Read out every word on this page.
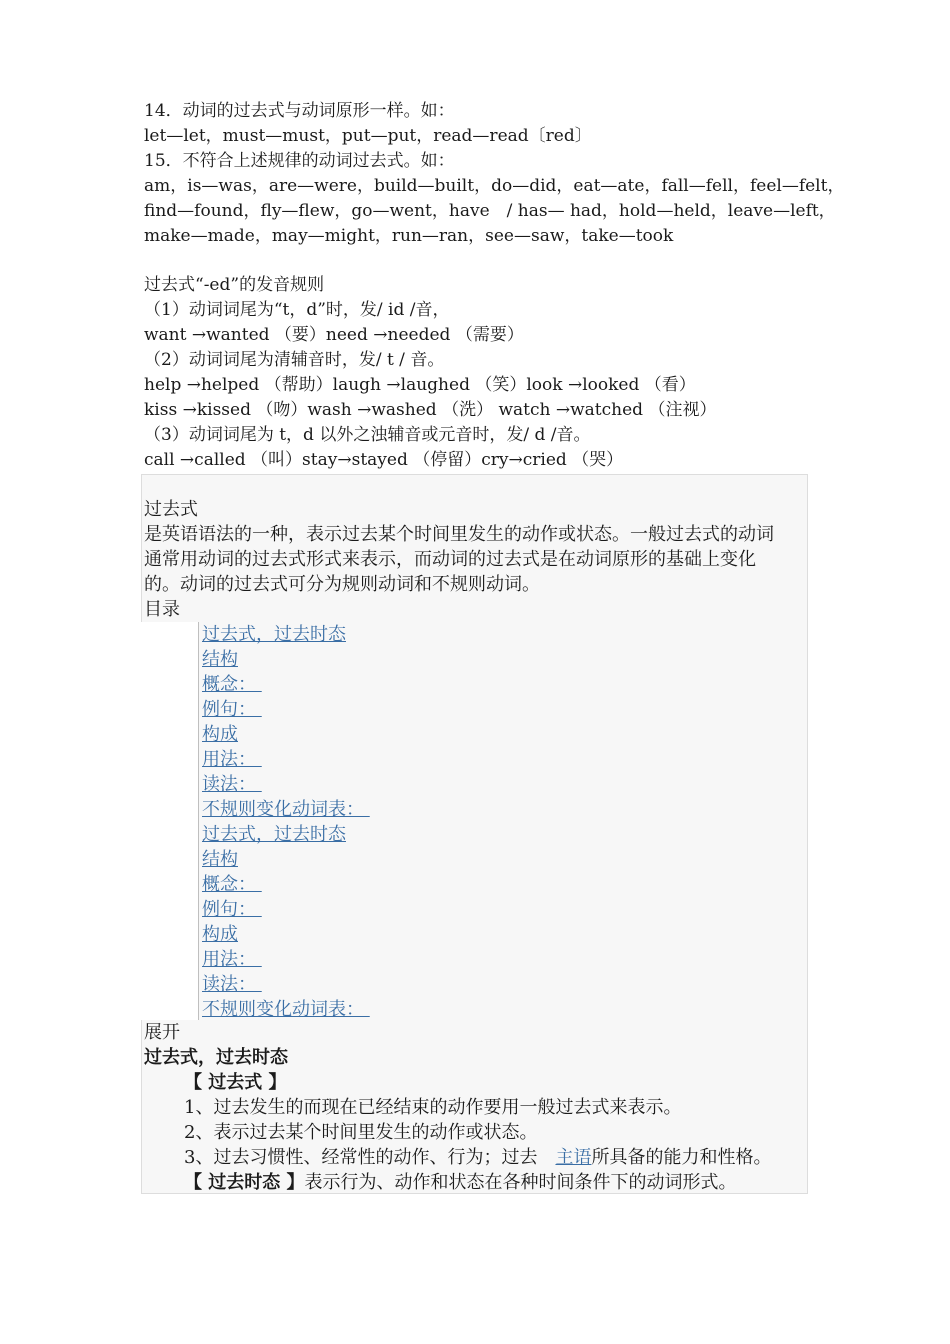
14．动词的过去式与动词原形一样。如：
let—let，must—must，put—put，read—read〔red〕
15．不符合上述规律的动词过去式。如：
am，is—was，are—were，build—built，do—did，eat—ate，fall—fell，feel—felt，
find—found，fly—flew，go—went，have　/ has— had，hold—held，leave—left，
make—made，may—might，run—ran，see—saw，take—took
过去式“-ed”的发音规则
（1）动词词尾为“t，d”时，发/ id /音，
want →wanted （要）need →needed （需要）
（2）动词词尾为清辅音时，发/ t / 音。
help →helped （帮助）laugh →laughed （笑）look →looked （看）
kiss →kissed （吻）wash →washed （洗） watch →watched （注视）
（3）动词词尾为 t，d 以外之浊辅音或元音时，发/ d /音。
call →called （叫）stay→stayed （停留）cry→cried （哭）
过去式
是英语语法的一种，表示过去某个时间里发生的动作或状态。一般过去式的动词
通常用动词的过去式形式来表示，而动词的过去式是在动词原形的基础上变化
的。动词的过去式可分为规则动词和不规则动词。
目录
过去式，过去时态
结构
概念：
例句：
构成
用法：
读法：
不规则变化动词表：
过去式，过去时态
结构
概念：
例句：
构成
用法：
读法：
不规则变化动词表：
展开
过去式，过去时态
【 过去式 】
1、过去发生的而现在已经结束的动作要用一般过去式来表示。
2、表示过去某个时间里发生的动作或状态。
3、过去习惯性、经常性的动作、行为；过去　主语所具备的能力和性格。
【 过去时态 】表示行为、动作和状态在各种时间条件下的动词形式。
